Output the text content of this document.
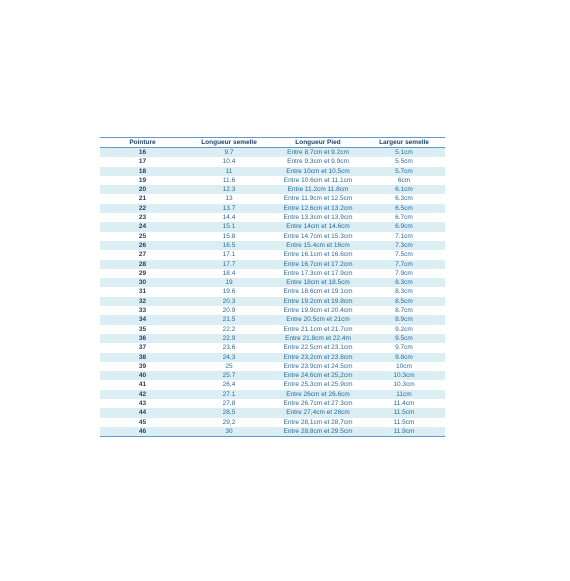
Pointure	Longueur semelle	Longueur Pied	Largeur semelle
16	9.7	Entre 8.7cm et 9.2cm	5.1cm
17	10.4	Entre 9.3cm et 9.9cm	5.5cm
18	11	Entre 10cm et 10.5cm	5.7cm
19	11.6	Entre 10.6cm et 11.1cm	6cm
20	12.3	Entre 11.2cm 11.8cm	6.1cm
21	13	Entre 11.9cm et 12.5cm	6.3cm
22	13.7	Entre 12.6cm et 13.2cm	6.5cm
23	14.4	Entre 13.3cm et 13.9cm	6.7cm
24	15.1	Entre 14cm et 14.6cm	6.9cm
25	15.8	Entre 14.7cm et 15.3cm	7.1cm
26	16.5	Entre 15.4cm et 16cm	7.3cm
27	17.1	Entre 16.1cm et 16.6cm	7.5cm
28	17.7	Entre 16.7cm et 17.2cm	7.7cm
29	18.4	Entre 17.3cm et 17.9cm	7.9cm
30	19	Entre 18cm et 18.5cm	8.3cm
31	19.6	Entre 18.6cm et 19.1cm	8.3cm
32	20.3	Entre 19.2cm et 19.8cm	8.5cm
33	20.9	Entre 19.9cm et 20.4cm	8.7cm
34	21.5	Entre 20.5cm et 21cm	8.9cm
35	22.2	Entre 21.1cm et 21.7cm	9.2cm
36	22.9	Entre 21.8cm et 22.4m	9.5cm
37	23.6	Entre 22.5cm et 23.1cm	9.7cm
38	24,3	Entre 23,2cm et 23.8cm	9.8cm
39	25	Entre 23.9cm et 24.5cm	10cm
40	25.7	Entre 24.6cm et 25,2cm	10.3cm
41	26,4	Entre 25,3cm et 25.9cm	10.3cm
42	27.1	Entre 26cm et 26.6cm	11cm
43	27,8	Entre 26.7cm et 27.3cm	11.4cm
44	28,5	Entre 27,4cm et 28cm	11.5cm
45	29,2	Entre 28,1cm et 28,7cm	11.5cm
46	30	Entre 28,8cm et 29.5cm	11.9cm
